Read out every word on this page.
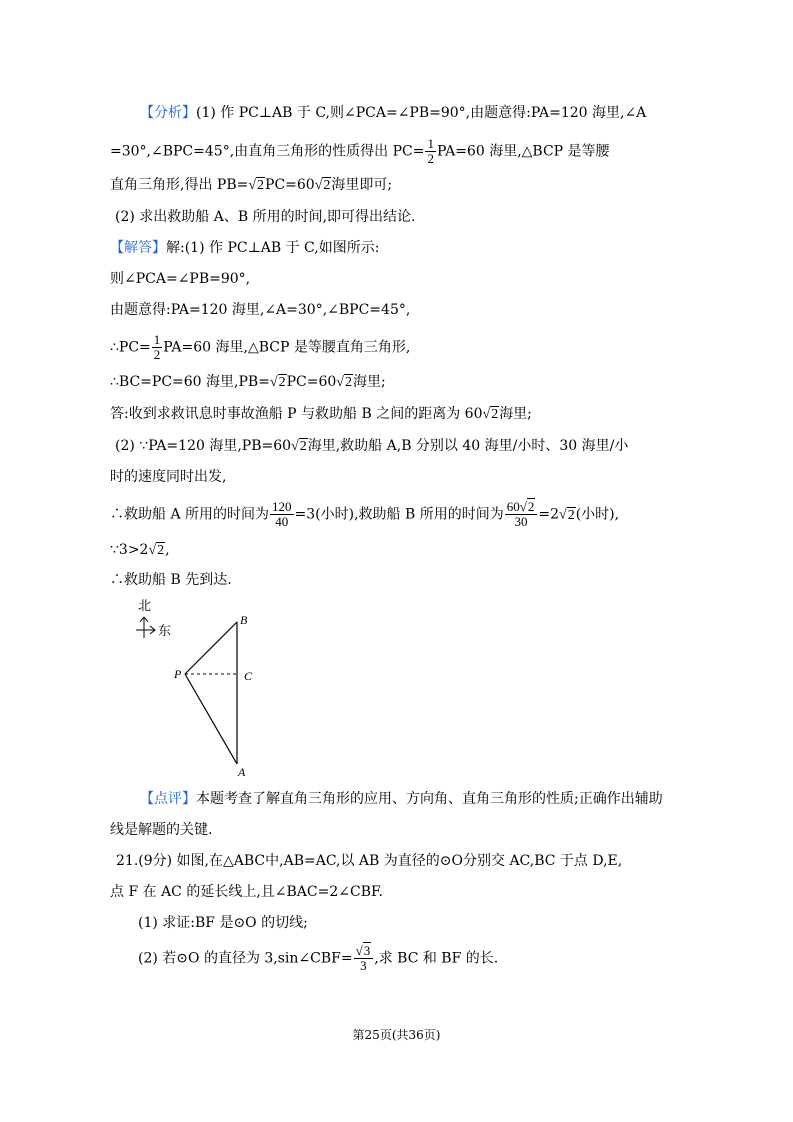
【分析】(1) 作 PC⊥AB 于 C,则∠PCA=∠PB=90°,由题意得:PA=120 海里,∠A
=30°,∠BPC=45°,由直角三角形的性质得出 $PC= \frac{1}{2} PA=60$ 海里,△BCP 是等腰
直角三角形,得出 PB=√2PC=60√2海里即可;
(2) 求出救助船 A、B 所用的时间,即可得出结论.
【解答】解:(1) 作 PC⊥AB 于 C,如图所示:
则∠PCA=∠PB=90°,
由题意得:PA=120 海里,∠A=30°,∠BPC=45°,
∴PC= $\frac{1}{2} PA=60$ 海里,△BCP 是等腰直角三角形,
∴BC=PC=60 海里,PB=√2PC=60√2海里;
答:收到求救讯息时事故渔船 P 与救助船 B 之间的距离为 60√2海里;
(2) ∵PA=120 海里,PB=60√2海里,救助船 A,B 分别以 40 海里/小时、30 海里/小
时的速度同时出发,
∴救助船 A 所用的时间为 $\frac{120}{40} =3$(小时),救助船 B 所用的时间为 $\frac{60√2}{30} =2√2$(小时),
∵3>2√2,
∴救助船 B 先到达.
北
东
B
P	C
A
【点评】本题考查了解直角三角形的应用、方向角、直角三角形的性质;正确作出辅助
线是解题的关键.
21.(9分) 如图,在△ABC中,AB=AC,以 AB 为直径的⊙O分别交 AC,BC 于点 D,E,
点 F 在 AC 的延长线上,且∠BAC=2∠CBF.
(1) 求证:BF 是⊙O 的切线;
(2) 若⊙O 的直径为 3,sin∠CBF= $\frac{√3}{3}$ ,求 BC 和 BF 的长.
第25页(共36页)
